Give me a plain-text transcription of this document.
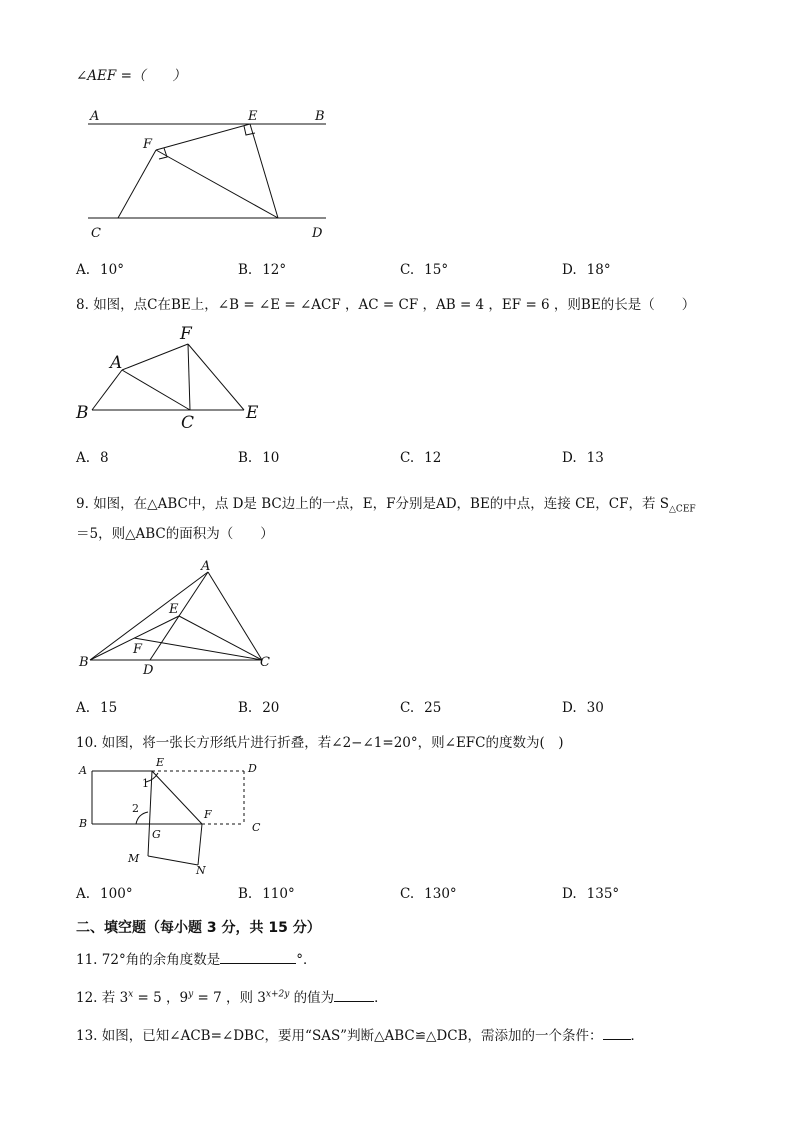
∠AEF =（　　）
A	E	B
F
C	D
A. 10°	B. 12°	C. 15°	D. 18°
8. 如图，点C在BE上，∠B = ∠E = ∠ACF ，AC = CF ，AB = 4 ，EF = 6 ，则BE的长是（　　）
F
A
B	C	E
A. 8	B. 10	C. 12	D. 13
9. 如图，在△ABC中，点 D是 BC边上的一点，E，F分别是AD，BE的中点，连接 CE，CF，若 $S_{\triangle CEF}$
＝5，则△ABC的面积为（　　）
A
E
F
B
D
C
A. 15	B. 20	C. 25	D. 30
10. 如图，将一张长方形纸片进行折叠，若∠2−∠1=20°，则∠EFC的度数为(　)
A
E	D
1
2
B
G
F
C
M
N
A. 100°	B. 110°	C. 130°	D. 135°
二、填空题（每小题 3 分，共 15 分）
11. 72°角的余角度数是	°．
12. 若 $3^x = 5$ ，$9^y = 7$ ，则 $3^{x+2y}$ 的值为	．
13. 如图，已知∠ACB=∠DBC，要用“SAS”判断△ABC≌△DCB，需添加的一个条件： ．
